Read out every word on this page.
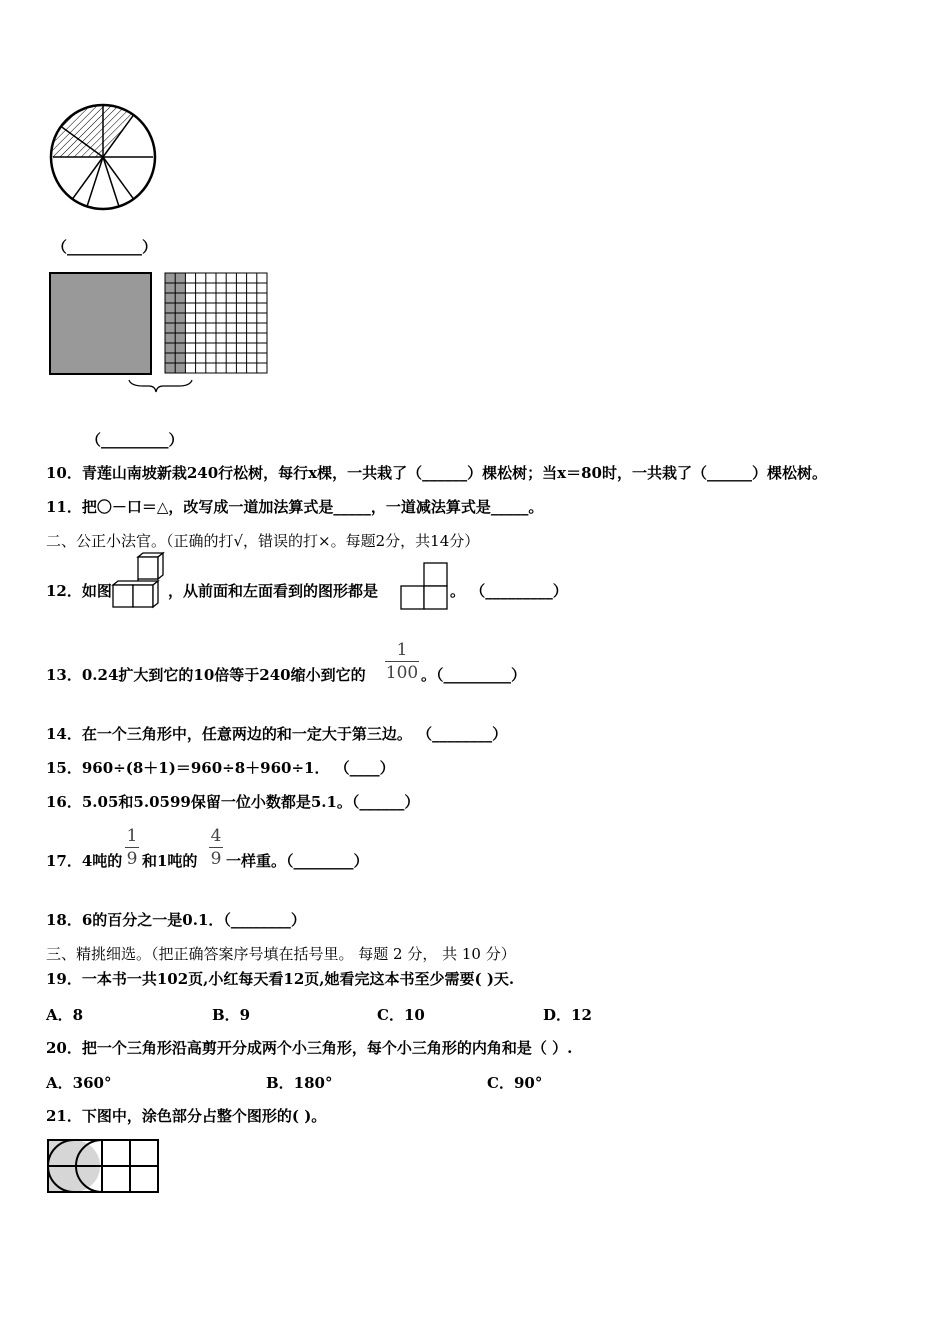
（__________）
（_________）
10．青莲山南坡新栽240行松树，每行x棵，一共栽了（______）棵松树；当x＝80时，一共栽了（______）棵松树。
11．把〇－口＝△，改写成一道加法算式是_____，一道减法算式是_____。
二、公正小法官。（正确的打√，错误的打×。每题2分，共14分）
12．如图	，从前面和左面看到的图形都是	。 （_________）
13．0.24扩大到它的10倍等于240缩小到它的
1
100 。（_________）
14．在一个三角形中，任意两边的和一定大于第三边。 （________）
15．960÷(8＋1)＝960÷8＋960÷1． （____）
16．5.05和5.0599保留一位小数都是5.1。（______）
17．4吨的
1
9 和1吨的
4
9 一样重。（________）
18．6的百分之一是0.1．（________）
三、精挑细选。（把正确答案序号填在括号里。 每题 2 分， 共 10 分）
19．一本书一共102页,小红每天看12页,她看完这本书至少需要( )天.
A．8	B．9	C．10	D．12
20．把一个三角形沿高剪开分成两个小三角形，每个小三角形的内角和是（ ）.
A．360°	B．180°	C．90°
21．下图中，涂色部分占整个图形的( )。
